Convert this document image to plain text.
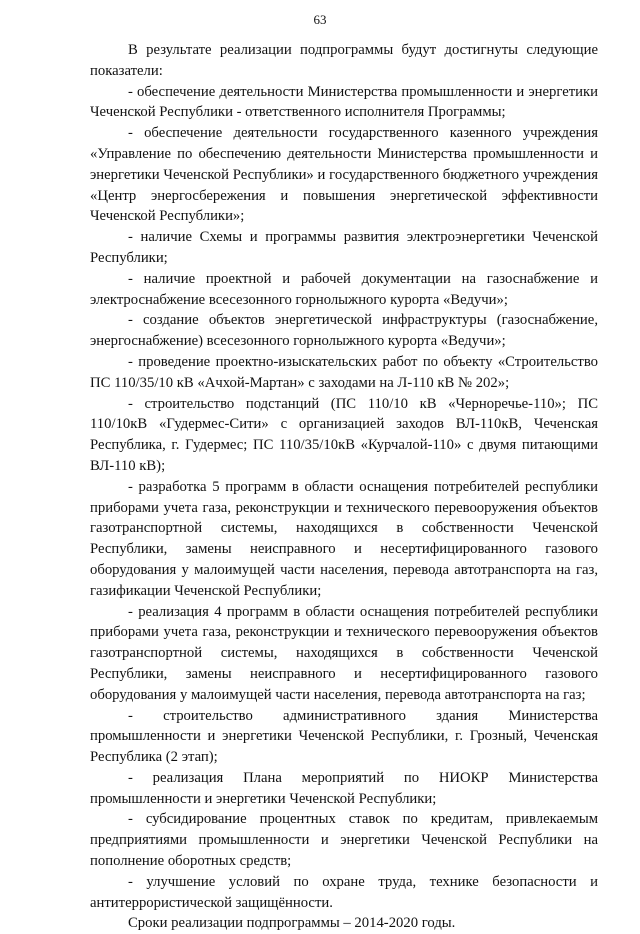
63

В результате реализации подпрограммы будут достигнуты следующие показатели:

- обеспечение деятельности Министерства промышленности и энергетики Чеченской Республики - ответственного исполнителя Программы;

- обеспечение деятельности государственного казенного учреждения «Управление по обеспечению деятельности Министерства промышленности и энергетики Чеченской Республики» и государственного бюджетного учреждения «Центр энергосбережения и повышения энергетической эффективности Чеченской Республики»;

- наличие Схемы и программы развития электроэнергетики Чеченской Республики;

- наличие проектной и рабочей документации на газоснабжение и электроснабжение всесезонного горнолыжного курорта «Ведучи»;

- создание объектов энергетической инфраструктуры (газоснабжение, энергоснабжение) всесезонного горнолыжного курорта «Ведучи»;

- проведение проектно-изыскательских работ по объекту «Строительство ПС 110/35/10 кВ «Ачхой-Мартан» с заходами на Л-110 кВ № 202»;

- строительство подстанций (ПС 110/10 кВ «Черноречье-110»; ПС 110/10кВ «Гудермес-Сити» с организацией заходов ВЛ-110кВ, Чеченская Республика, г. Гудермес; ПС 110/35/10кВ «Курчалой-110» с двумя питающими ВЛ-110 кВ);

- разработка 5 программ в области оснащения потребителей республики приборами учета газа, реконструкции и технического перевооружения объектов газотранспортной системы, находящихся в собственности Чеченской Республики, замены неисправного и несертифицированного газового оборудования у малоимущей части населения, перевода автотранспорта на газ, газификации Чеченской Республики;

- реализация 4 программ в области оснащения потребителей республики приборами учета газа, реконструкции и технического перевооружения объектов газотранспортной системы, находящихся в собственности Чеченской Республики, замены неисправного и несертифицированного газового оборудования у малоимущей части населения, перевода автотранспорта на газ;

- строительство административного здания Министерства промышленности и энергетики Чеченской Республики, г. Грозный, Чеченская Республика (2 этап);

- реализация Плана мероприятий по НИОКР Министерства промышленности и энергетики Чеченской Республики;

- субсидирование процентных ставок по кредитам, привлекаемым предприятиями промышленности и энергетики Чеченской Республики на пополнение оборотных средств;

- улучшение условий по охране труда, технике безопасности и антитеррористической защищённости.

Сроки реализации подпрограммы – 2014-2020 годы.
